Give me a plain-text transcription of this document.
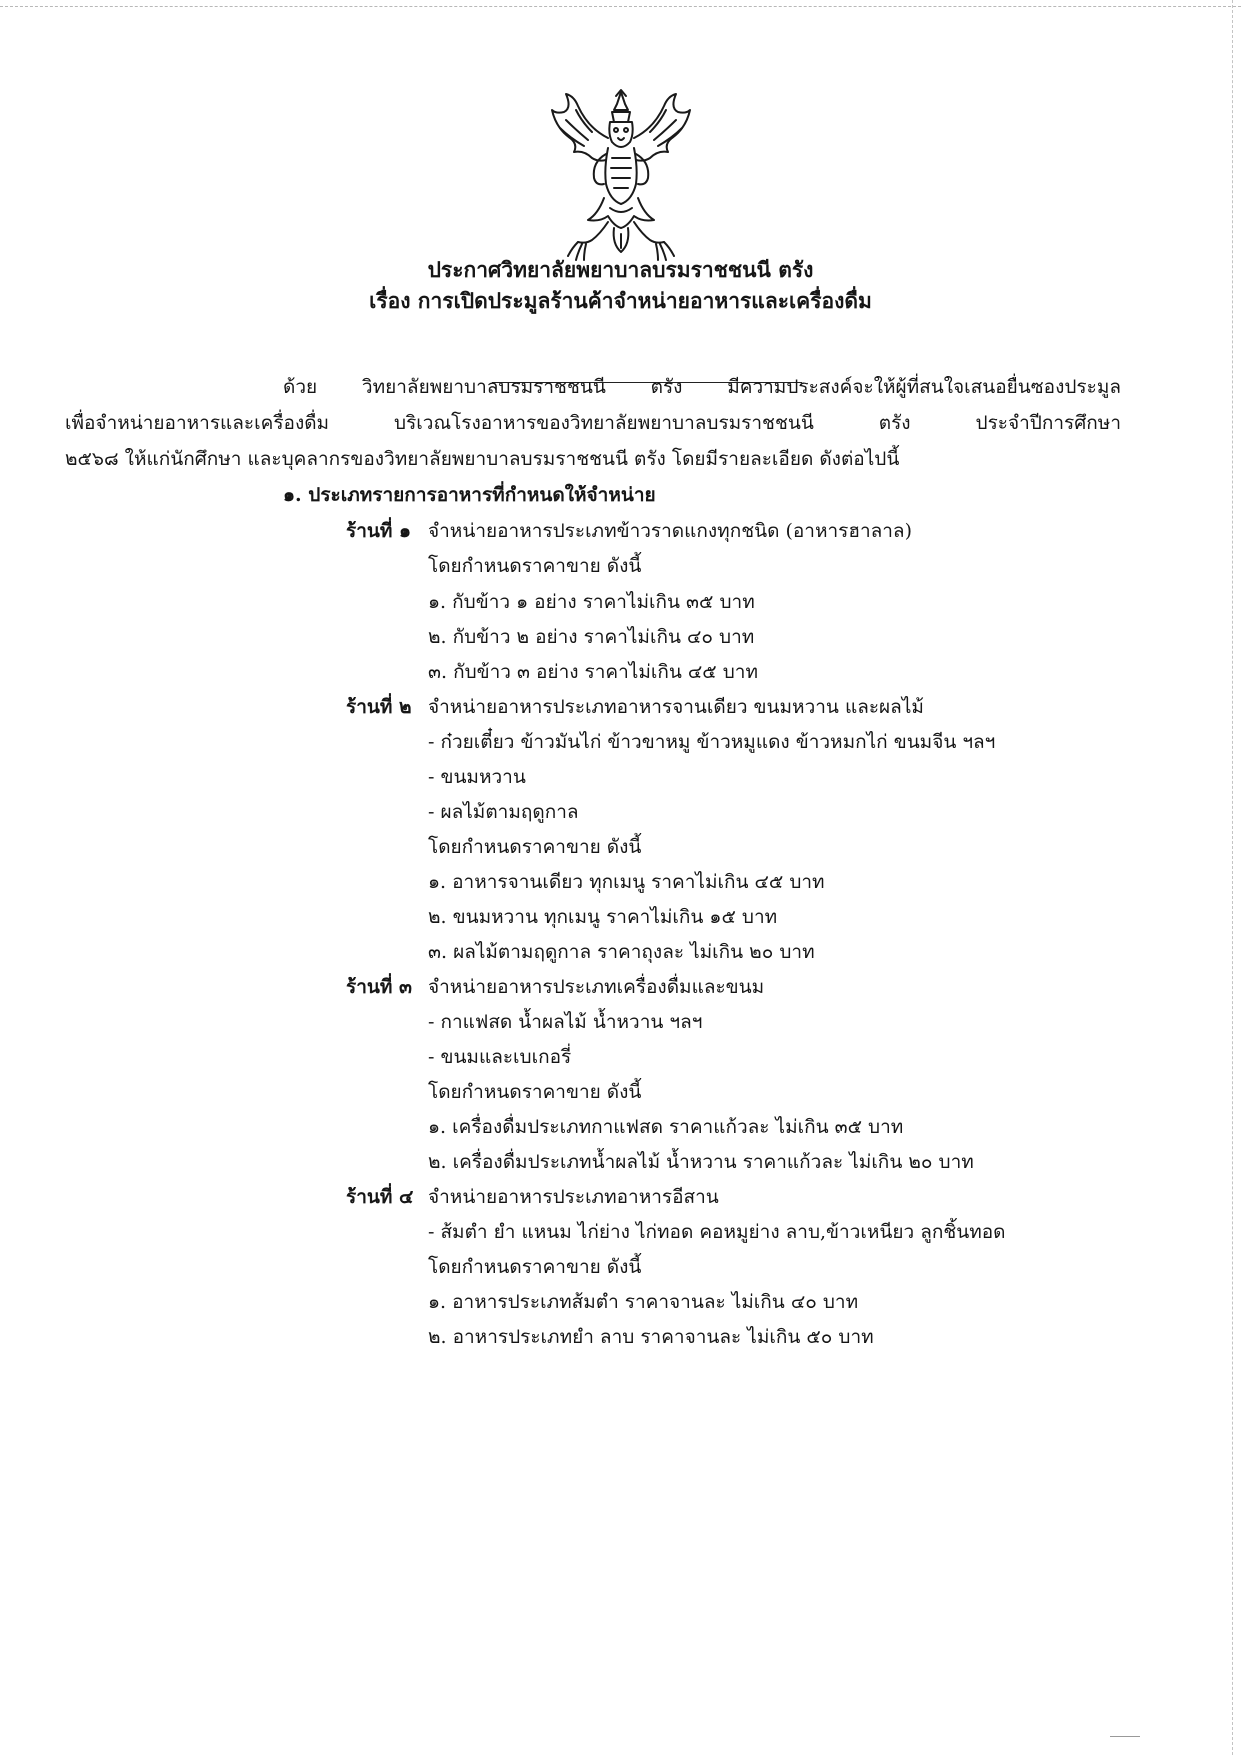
ประกาศวิทยาลัยพยาบาลบรมราชชนนี ตรัง
เรื่อง การเปิดประมูลร้านค้าจำหน่ายอาหารและเครื่องดื่ม
ด้วย วิทยาลัยพยาบาลบรมราชชนนี ตรัง มีความประสงค์จะให้ผู้ที่สนใจเสนอยื่นซองประมูล
เพื่อจำหน่ายอาหารและเครื่องดื่ม บริเวณโรงอาหารของวิทยาลัยพยาบาลบรมราชชนนี ตรัง ประจำปีการศึกษา
๒๕๖๘ ให้แก่นักศึกษา และบุคลากรของวิทยาลัยพยาบาลบรมราชชนนี ตรัง โดยมีรายละเอียด ดังต่อไปนี้
๑. ประเภทรายการอาหารที่กำหนดให้จำหน่าย
ร้านที่ ๑ จำหน่ายอาหารประเภทข้าวราดแกงทุกชนิด (อาหารฮาลาล)
โดยกำหนดราคาขาย ดังนี้
๑. กับข้าว ๑ อย่าง ราคาไม่เกิน ๓๕ บาท
๒. กับข้าว ๒ อย่าง ราคาไม่เกิน ๔๐ บาท
๓. กับข้าว ๓ อย่าง ราคาไม่เกิน ๔๕ บาท
ร้านที่ ๒ จำหน่ายอาหารประเภทอาหารจานเดียว ขนมหวาน และผลไม้
- ก๋วยเตี๋ยว ข้าวมันไก่ ข้าวขาหมู ข้าวหมูแดง ข้าวหมกไก่ ขนมจีน ฯลฯ
- ขนมหวาน
- ผลไม้ตามฤดูกาล
โดยกำหนดราคาขาย ดังนี้
๑. อาหารจานเดียว ทุกเมนู ราคาไม่เกิน ๔๕ บาท
๒. ขนมหวาน ทุกเมนู ราคาไม่เกิน ๑๕ บาท
๓. ผลไม้ตามฤดูกาล ราคาถุงละ ไม่เกิน ๒๐ บาท
ร้านที่ ๓ จำหน่ายอาหารประเภทเครื่องดื่มและขนม
- กาแฟสด น้ำผลไม้ น้ำหวาน ฯลฯ
- ขนมและเบเกอรี่
โดยกำหนดราคาขาย ดังนี้
๑. เครื่องดื่มประเภทกาแฟสด ราคาแก้วละ ไม่เกิน ๓๕ บาท
๒. เครื่องดื่มประเภทน้ำผลไม้ น้ำหวาน ราคาแก้วละ ไม่เกิน ๒๐ บาท
ร้านที่ ๔ จำหน่ายอาหารประเภทอาหารอีสาน
- ส้มตำ ยำ แหนม ไก่ย่าง ไก่ทอด คอหมูย่าง ลาบ,ข้าวเหนียว ลูกชิ้นทอด
โดยกำหนดราคาขาย ดังนี้
๑. อาหารประเภทส้มตำ ราคาจานละ ไม่เกิน ๔๐ บาท
๒. อาหารประเภทยำ ลาบ ราคาจานละ ไม่เกิน ๕๐ บาท
